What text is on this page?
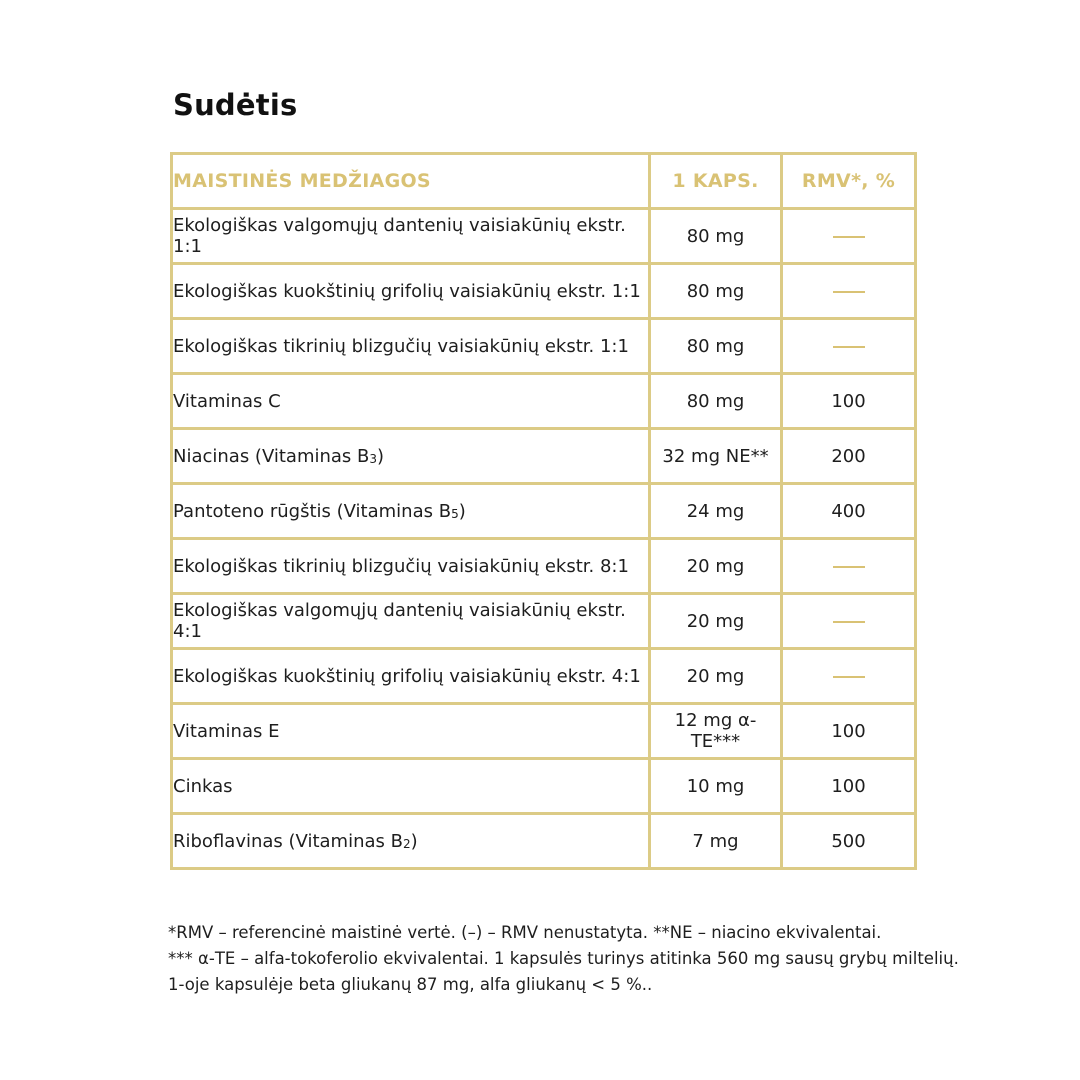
Sudėtis
MAISTINĖS MEDŽIAGOS	1 KAPS.	RMV*, %
Ekologiškas valgomųjų dantenių vaisiakūnių ekstr. 1:1	80 mg	
Ekologiškas kuokštinių grifolių vaisiakūnių ekstr. 1:1	80 mg	
Ekologiškas tikrinių blizgučių vaisiakūnių ekstr. 1:1	80 mg	
Vitaminas C	80 mg	100
Niacinas (Vitaminas B3)	32 mg NE**	200
Pantoteno rūgštis (Vitaminas B5)	24 mg	400
Ekologiškas tikrinių blizgučių vaisiakūnių ekstr. 8:1	20 mg	
Ekologiškas valgomųjų dantenių vaisiakūnių ekstr. 4:1	20 mg	
Ekologiškas kuokštinių grifolių vaisiakūnių ekstr. 4:1	20 mg	
Vitaminas E	12 mg α-TE***	100
Cinkas	10 mg	100
Riboflavinas (Vitaminas B2)	7 mg	500
*RMV – referencinė maistinė vertė. (–) – RMV nenustatyta. **NE – niacino ekvivalentai.
*** α-TE – alfa-tokoferolio ekvivalentai. 1 kapsulės turinys atitinka 560 mg sausų grybų miltelių.
1-oje kapsulėje beta gliukanų 87 mg, alfa gliukanų < 5 %..
